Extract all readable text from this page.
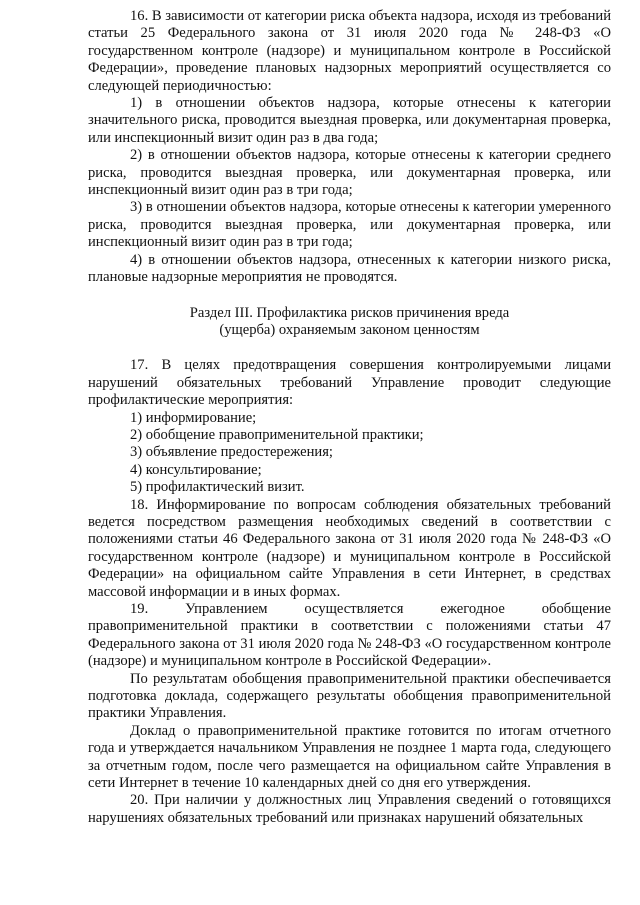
16. В зависимости от категории риска объекта надзора, исходя из требований статьи 25 Федерального закона от 31 июля 2020 года № 248-ФЗ «О государственном контроле (надзоре) и муниципальном контроле в Российской Федерации», проведение плановых надзорных мероприятий осуществляется со следующей периодичностью:

1) в отношении объектов надзора, которые отнесены к категории значительного риска, проводится выездная проверка, или документарная проверка, или инспекционный визит один раз в два года;

2) в отношении объектов надзора, которые отнесены к категории среднего риска, проводится выездная проверка, или документарная проверка, или инспекционный визит один раз в три года;

3) в отношении объектов надзора, которые отнесены к категории умеренного риска, проводится выездная проверка, или документарная проверка, или инспекционный визит один раз в три года;

4) в отношении объектов надзора, отнесенных к категории низкого риска, плановые надзорные мероприятия не проводятся.

Раздел III. Профилактика рисков причинения вреда
(ущерба) охраняемым законом ценностям

17. В целях предотвращения совершения контролируемыми лицами нарушений обязательных требований Управление проводит следующие профилактические мероприятия:

1) информирование;

2) обобщение правоприменительной практики;

3) объявление предостережения;

4) консультирование;

5) профилактический визит.

18. Информирование по вопросам соблюдения обязательных требований ведется посредством размещения необходимых сведений в соответствии с положениями статьи 46 Федерального закона от 31 июля 2020 года № 248-ФЗ «О государственном контроле (надзоре) и муниципальном контроле в Российской Федерации» на официальном сайте Управления в сети Интернет, в средствах массовой информации и в иных формах.

19. Управлением осуществляется ежегодное обобщение правоприменительной практики в соответствии с положениями статьи 47 Федерального закона от 31 июля 2020 года № 248-ФЗ «О государственном контроле (надзоре) и муниципальном контроле в Российской Федерации».

По результатам обобщения правоприменительной практики обеспечивается подготовка доклада, содержащего результаты обобщения правоприменительной практики Управления.

Доклад о правоприменительной практике готовится по итогам отчетного года и утверждается начальником Управления не позднее 1 марта года, следующего за отчетным годом, после чего размещается на официальном сайте Управления в сети Интернет в течение 10 календарных дней со дня его утверждения.

20. При наличии у должностных лиц Управления сведений о готовящихся нарушениях обязательных требований или признаках нарушений обязательных
